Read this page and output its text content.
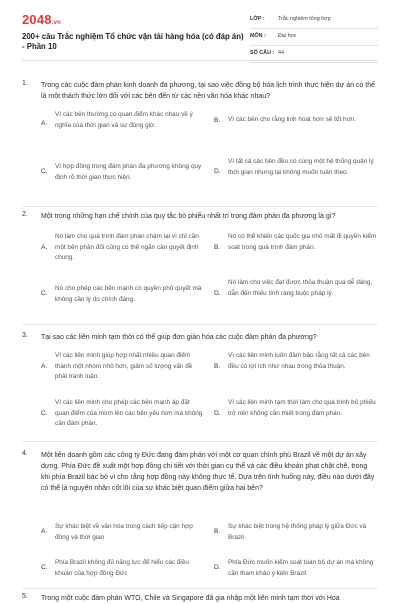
2048.vn
200+ câu Trắc nghiệm Tổ chức vận tải hàng hóa (có đáp án) - Phần 10
LỚP : Trắc nghiệm tổng hợp
MÔN : Đại học
SỐ CÂU : 44
1. Trong các cuộc đàm phán kinh doanh đa phương, tại sao việc đồng bộ hóa lịch trình thực hiện dự án có thể là một thách thức lớn đối với các bên đến từ các nền văn hóa khác nhau?
A.
Vì các bên thường có quan điểm khác nhau về ý nghĩa của thời gian và sự đúng giờ.
B. Vì các bên cho rằng linh hoạt hơn sẽ tốt hơn.
C.
Vì hợp đồng trong đàm phán đa phương không quy định rõ thời gian thực hiện.
D.
Vì tất cả các bên đều có cùng một hệ thống quản lý thời gian nhưng lại không muốn tuân theo.
2. Một trong những hạn chế chính của quy tắc bỏ phiếu nhất trí trong đàm phán đa phương là gì?
A.
Nó làm cho quá trình đàm phán chậm lại vì chỉ cần một bên phản đối cũng có thể ngăn cản quyết định chung.
B.
Nó có thể khiến các quốc gia nhỏ mất đi quyền kiểm soát trong quá trình đàm phán.
C.
Nó cho phép các bên mạnh có quyền phủ quyết mà không cần lý do chính đáng.
D.
Nó làm cho việc đạt được thỏa thuận quá dễ dàng, dẫn đến thiếu tính ràng buộc pháp lý.
3. Tại sao các liên minh tạm thời có thể giúp đơn giản hóa các cuộc đàm phán đa phương?
A.
Vì các liên minh giúp hợp nhất nhiều quan điểm thành một nhóm nhỏ hơn, giảm số lượng vấn đề phải tranh luận.
B.
Vì các liên minh luôn đảm bảo rằng tất cả các bên đều có lợi ích như nhau trong thỏa thuận.
C.
Vì các liên minh cho phép các bên mạnh áp đặt quan điểm của mình lên các bên yếu hơn mà không cần đàm phán.
D.
Vì các liên minh tạm thời làm cho quá trình bỏ phiếu trở nên không cần thiết trong đàm phán.
4. Một liên doanh gồm các công ty Đức đang đàm phán với một cơ quan chính phủ Brazil về một dự án xây dựng. Phía Đức đề xuất một hợp đồng chi tiết với thời gian cụ thể và các điều khoản phạt chặt chẽ, trong khi phía Brazil bác bỏ vì cho rằng hợp đồng này không thực tế. Dựa trên tình huống này, điều nào dưới đây có thể là nguyên nhân cốt lõi của sự khác biệt quan điểm giữa hai bên?
A.
Sự khác biệt về văn hóa trong cách tiếp cận hợp đồng và thời gian
B.
Sự khác biệt trong hệ thống pháp lý giữa Đức và Brazil
C.
Phía Brazil không đủ năng lực để hiểu các điều khoản của hợp đồng Đức
D.
Phía Đức muốn kiểm soát toàn bộ dự án mà không cần tham khảo ý kiến Brazil
5. Trong một cuộc đàm phán WTO, Chile và Singapore đã gia nhập một liên minh tạm thời với Hoa
